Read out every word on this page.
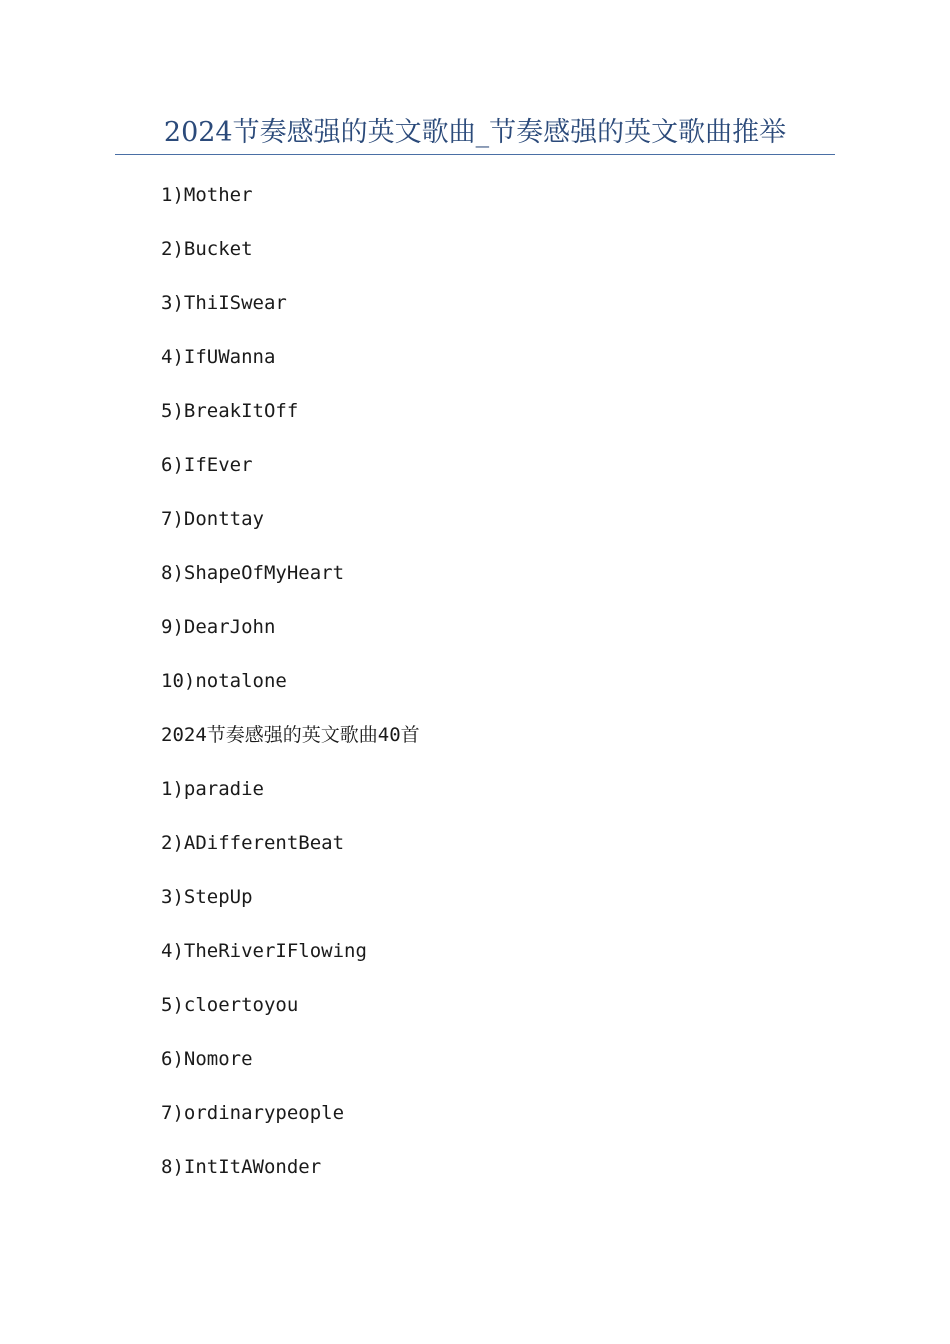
2024节奏感强的英文歌曲_节奏感强的英文歌曲推举
1)Mother
2)Bucket
3)ThiISwear
4)IfUWanna
5)BreakItOff
6)IfEver
7)Donttay
8)ShapeOfMyHeart
9)DearJohn
10)notalone
2024节奏感强的英文歌曲40首
1)paradie
2)ADifferentBeat
3)StepUp
4)TheRiverIFlowing
5)cloertoyou
6)Nomore
7)ordinarypeople
8)IntItAWonder
